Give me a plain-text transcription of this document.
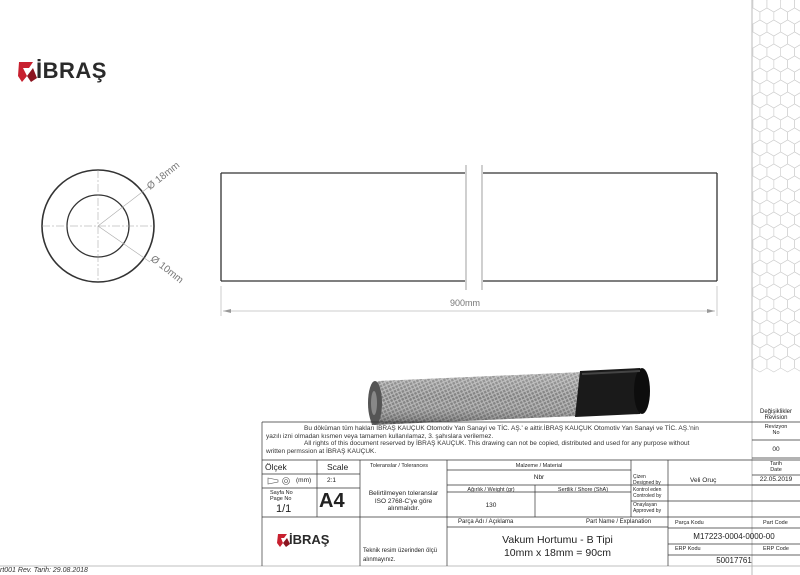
İBRAŞ
Ø 18mm
Ø 10mm
900mm
Değişiklikler
Revision
Revizyon
No
00
Tarih
Date
22.05.2019
Bu döküman tüm hakları İBRAŞ KAUÇUK Otomotiv Yan Sanayi ve TİC. AŞ.' e aittir.İBRAŞ KAUÇUK Otomotiv Yan Sanayi ve TİC. AŞ.'nin
yazılı izni olmadan kısmen veya tamamen kullanılamaz, 3. şahıslara verilemez.
All rights of this document reserved by İBRAŞ KAUÇUK. This drawing can not be copied, distributed and used for any purpose without
written permssion at İBRAŞ KAUÇUK.
Ölçek	Scale
(mm) 2:1
Sayfa No
Page No
1/1 A4
Toleranslar / Tolerances
Belirtilmeyen toleranslar
ISO 2768-C'ye göre
alınmalıdır.
Malzeme / Material
Nbr
Ağırlık / Weight (gr)
130
Sertlik / Shore (ShA)
Çizen
Designed by	Veli Oruç
Kontrol eden
Controled by
Onaylayan
Approved by
Parça Adı / Açıklama	Part Name / Explanation
Vakum Hortumu - B Tipi
10mm x 18mm = 90cm
Parça Kodu	Part Code
M17223-0004-0000-00
ERP Kodu	ERP Code
50017761
İBRAŞ
Teknik resim üzerinden ölçü
alınmayınız.
rt001 Rev. Tarih: 29.08.2018
